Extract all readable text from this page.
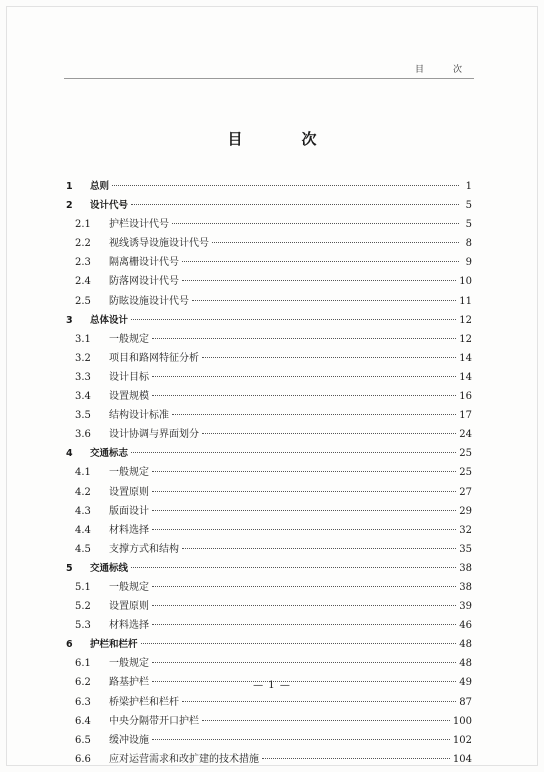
目　次
目　次
1	总则	1
2	设计代号	5
2.1	护栏设计代号	5
2.2	视线诱导设施设计代号	8
2.3	隔离栅设计代号	9
2.4	防落网设计代号	10
2.5	防眩设施设计代号	11
3	总体设计	12
3.1	一般规定	12
3.2	项目和路网特征分析	14
3.3	设计目标	14
3.4	设置规模	16
3.5	结构设计标准	17
3.6	设计协调与界面划分	24
4	交通标志	25
4.1	一般规定	25
4.2	设置原则	27
4.3	版面设计	29
4.4	材料选择	32
4.5	支撑方式和结构	35
5	交通标线	38
5.1	一般规定	38
5.2	设置原则	39
5.3	材料选择	46
6	护栏和栏杆	48
6.1	一般规定	48
6.2	路基护栏	49
6.3	桥梁护栏和栏杆	87
6.4	中央分隔带开口护栏	100
6.5	缓冲设施	102
6.6	应对运营需求和改扩建的技术措施	104
— 1 —
